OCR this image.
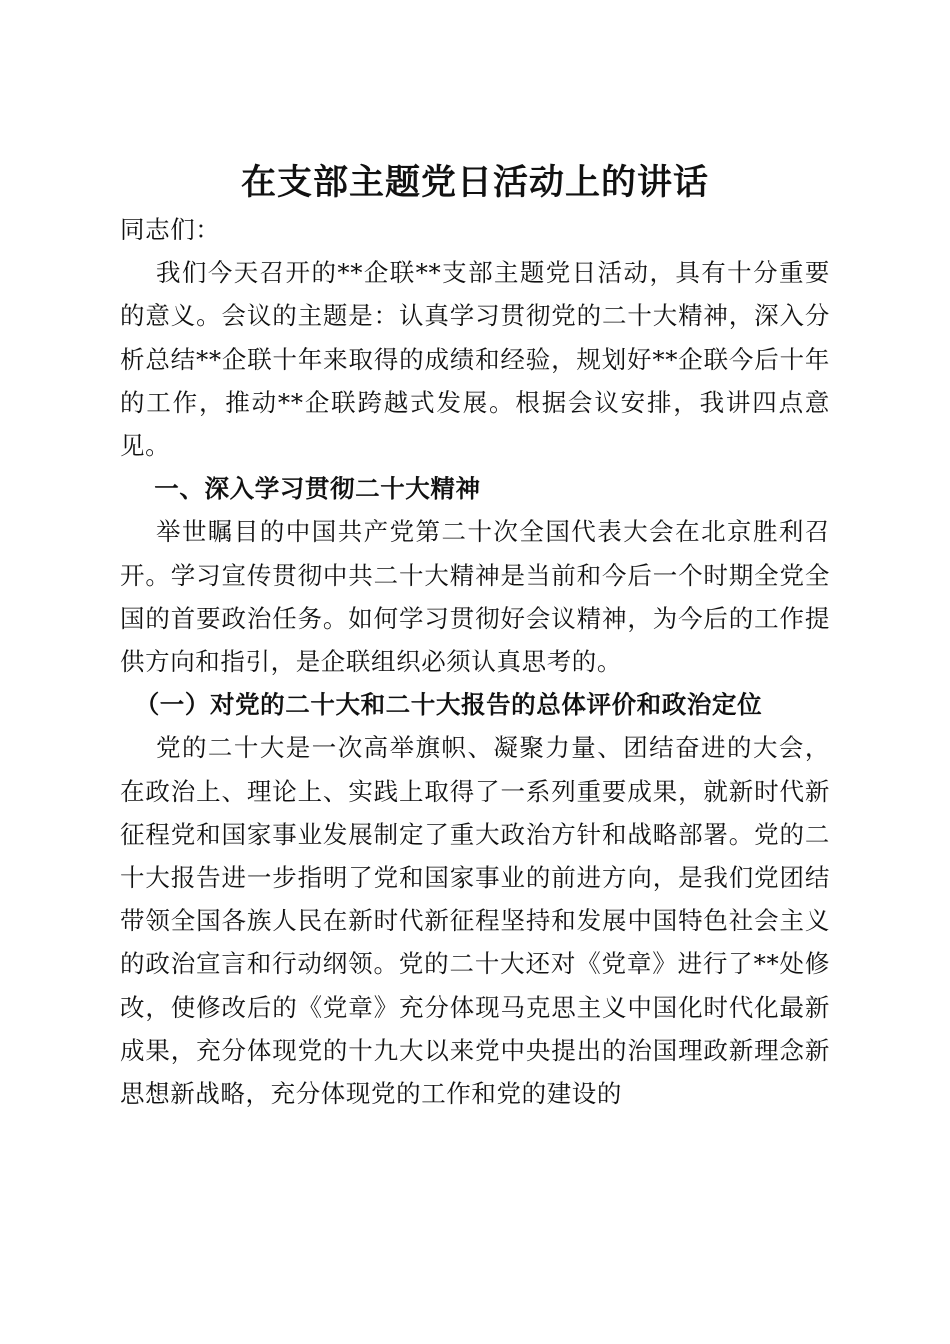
在支部主题党日活动上的讲话

同志们：

我们今天召开的**企联**支部主题党日活动，具有十分重要的意义。会议的主题是：认真学习贯彻党的二十大精神，深入分析总结**企联十年来取得的成绩和经验，规划好**企联今后十年的工作，推动**企联跨越式发展。根据会议安排，我讲四点意见。

一、深入学习贯彻二十大精神

举世瞩目的中国共产党第二十次全国代表大会在北京胜利召开。学习宣传贯彻中共二十大精神是当前和今后一个时期全党全国的首要政治任务。如何学习贯彻好会议精神，为今后的工作提供方向和指引，是企联组织必须认真思考的。

（一）对党的二十大和二十大报告的总体评价和政治定位

党的二十大是一次高举旗帜、凝聚力量、团结奋进的大会，在政治上、理论上、实践上取得了一系列重要成果，就新时代新征程党和国家事业发展制定了重大政治方针和战略部署。党的二十大报告进一步指明了党和国家事业的前进方向，是我们党团结带领全国各族人民在新时代新征程坚持和发展中国特色社会主义的政治宣言和行动纲领。党的二十大还对《党章》进行了**处修改，使修改后的《党章》充分体现马克思主义中国化时代化最新成果，充分体现党的十九大以来党中央提出的治国理政新理念新思想新战略，充分体现党的工作和党的建设的
